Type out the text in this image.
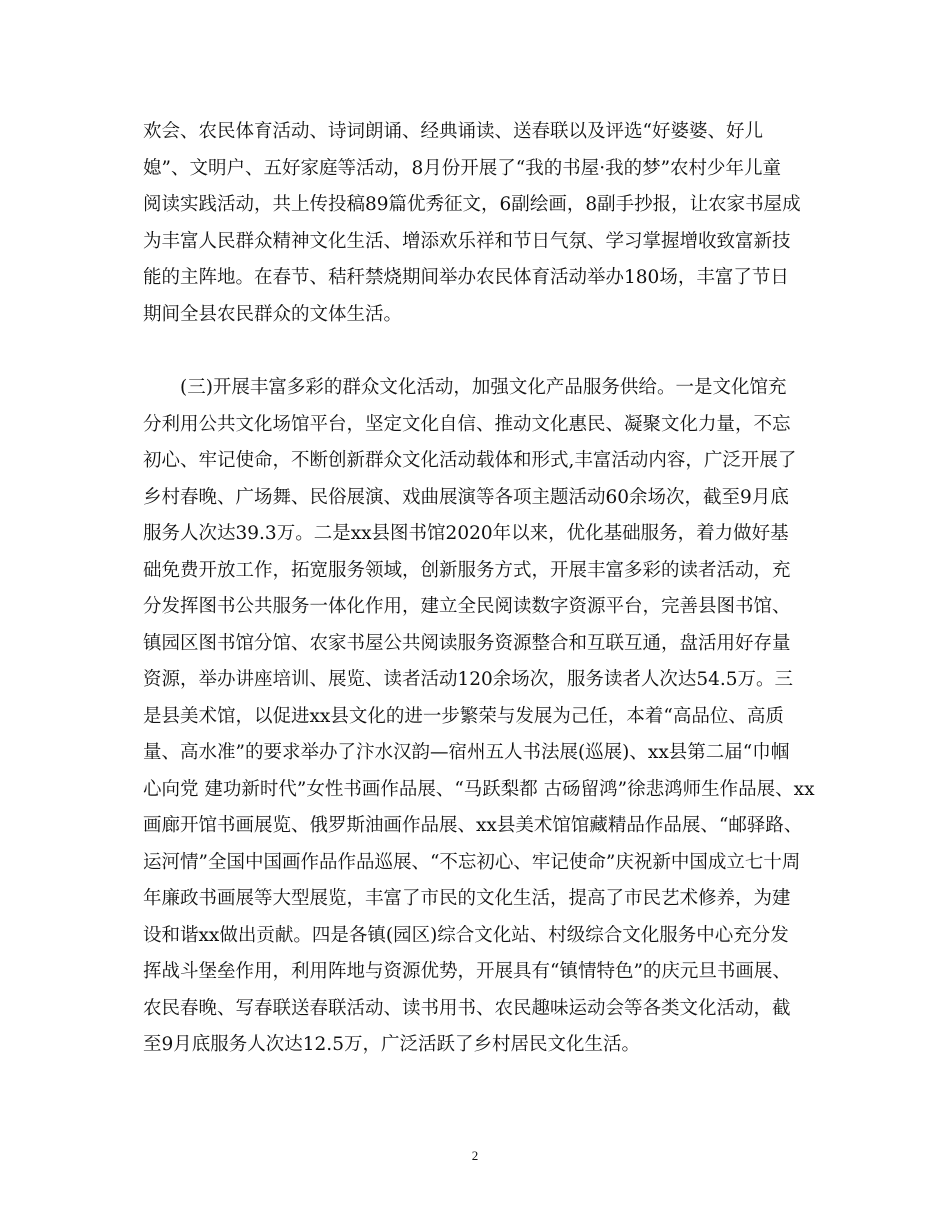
欢会、农民体育活动、诗词朗诵、经典诵读、送春联以及评选“好婆婆、好儿
媳”、文明户、五好家庭等活动，8月份开展了“我的书屋·我的梦”农村少年儿童
阅读实践活动，共上传投稿89篇优秀征文，6副绘画，8副手抄报，让农家书屋成
为丰富人民群众精神文化生活、增添欢乐祥和节日气氛、学习掌握增收致富新技
能的主阵地。在春节、秸秆禁烧期间举办农民体育活动举办180场，丰富了节日
期间全县农民群众的文体生活。
　　(三)开展丰富多彩的群众文化活动，加强文化产品服务供给。一是文化馆充
分利用公共文化场馆平台，坚定文化自信、推动文化惠民、凝聚文化力量，不忘
初心、牢记使命，不断创新群众文化活动载体和形式,丰富活动内容，广泛开展了
乡村春晚、广场舞、民俗展演、戏曲展演等各项主题活动60余场次，截至9月底
服务人次达39.3万。二是xx县图书馆2020年以来，优化基础服务，着力做好基
础免费开放工作，拓宽服务领域，创新服务方式，开展丰富多彩的读者活动，充
分发挥图书公共服务一体化作用，建立全民阅读数字资源平台，完善县图书馆、
镇园区图书馆分馆、农家书屋公共阅读服务资源整合和互联互通，盘活用好存量
资源，举办讲座培训、展览、读者活动120余场次，服务读者人次达54.5万。三
是县美术馆，以促进xx县文化的进一步繁荣与发展为己任，本着“高品位、高质
量、高水准”的要求举办了汴水汉韵—宿州五人书法展(巡展)、xx县第二届“巾帼
心向党 建功新时代”女性书画作品展、“马跃梨都 古砀留鸿”徐悲鸿师生作品展、xx
画廊开馆书画展览、俄罗斯油画作品展、xx县美术馆馆藏精品作品展、“邮驿路、
运河情”全国中国画作品作品巡展、“不忘初心、牢记使命”庆祝新中国成立七十周
年廉政书画展等大型展览，丰富了市民的文化生活，提高了市民艺术修养，为建
设和谐xx做出贡献。四是各镇(园区)综合文化站、村级综合文化服务中心充分发
挥战斗堡垒作用，利用阵地与资源优势，开展具有“镇情特色”的庆元旦书画展、
农民春晚、写春联送春联活动、读书用书、农民趣味运动会等各类文化活动，截
至9月底服务人次达12.5万，广泛活跃了乡村居民文化生活。
2
